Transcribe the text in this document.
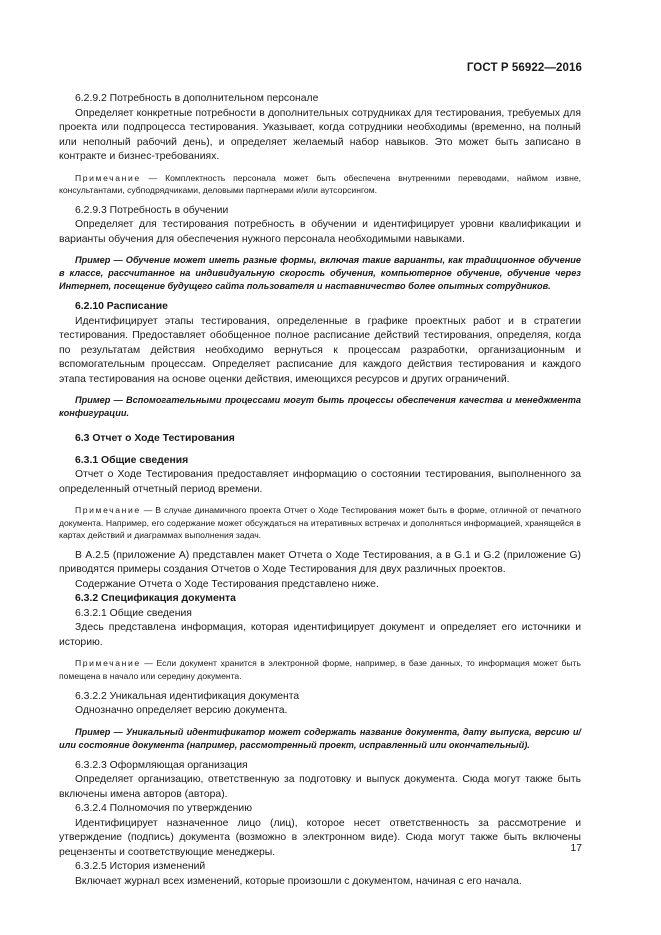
ГОСТ Р 56922—2016

6.2.9.2 Потребность в дополнительном персонале

Определяет конкретные потребности в дополнительных сотрудниках для тестирования, требуемых для проекта или подпроцесса тестирования. Указывает, когда сотрудники необходимы (временно, на полный или неполный рабочий день), и определяет желаемый набор навыков. Это может быть записано в контракте и бизнес-требованиях.

Примечание — Комплектность персонала может быть обеспечена внутренними переводами, наймом извне, консультантами, субподрядчиками, деловыми партнерами и/или аутсорсингом.

6.2.9.3 Потребность в обучении

Определяет для тестирования потребность в обучении и идентифицирует уровни квалификации и варианты обучения для обеспечения нужного персонала необходимыми навыками.

Пример — Обучение может иметь разные формы, включая такие варианты, как традиционное обучение в классе, рассчитанное на индивидуальную скорость обучения, компьютерное обучение, обучение через Интернет, посещение будущего сайта пользователя и наставничество более опытных сотрудников.

6.2.10 Расписание

Идентифицирует этапы тестирования, определенные в графике проектных работ и в стратегии тестирования. Предоставляет обобщенное полное расписание действий тестирования, определяя, когда по результатам действия необходимо вернуться к процессам разработки, организационным и вспомогательным процессам. Определяет расписание для каждого действия тестирования и каждого этапа тестирования на основе оценки действия, имеющихся ресурсов и других ограничений.

Пример — Вспомогательными процессами могут быть процессы обеспечения качества и менеджмента конфигурации.

6.3 Отчет о Ходе Тестирования

6.3.1 Общие сведения

Отчет о Ходе Тестирования предоставляет информацию о состоянии тестирования, выполненного за определенный отчетный период времени.

Примечание — В случае динамичного проекта Отчет о Ходе Тестирования может быть в форме, отличной от печатного документа. Например, его содержание может обсуждаться на итеративных встречах и дополняться информацией, хранящейся в картах действий и диаграммах выполнения задач.

В А.2.5 (приложение А) представлен макет Отчета о Ходе Тестирования, а в G.1 и G.2 (приложение G) приводятся примеры создания Отчетов о Ходе Тестирования для двух различных проектов.

Содержание Отчета о Ходе Тестирования представлено ниже.

6.3.2 Спецификация документа

6.3.2.1 Общие сведения

Здесь представлена информация, которая идентифицирует документ и определяет его источники и историю.

Примечание — Если документ хранится в электронной форме, например, в базе данных, то информация может быть помещена в начало или середину документа.

6.3.2.2 Уникальная идентификация документа

Однозначно определяет версию документа.

Пример — Уникальный идентификатор может содержать название документа, дату выпуска, версию и/или состояние документа (например, рассмотренный проект, исправленный или окончательный).

6.3.2.3 Оформляющая организация

Определяет организацию, ответственную за подготовку и выпуск документа. Сюда могут также быть включены имена авторов (автора).

6.3.2.4 Полномочия по утверждению

Идентифицирует назначенное лицо (лиц), которое несет ответственность за рассмотрение и утверждение (подпись) документа (возможно в электронном виде). Сюда могут также быть включены рецензенты и соответствующие менеджеры.

6.3.2.5 История изменений

Включает журнал всех изменений, которые произошли с документом, начиная с его начала.

17
